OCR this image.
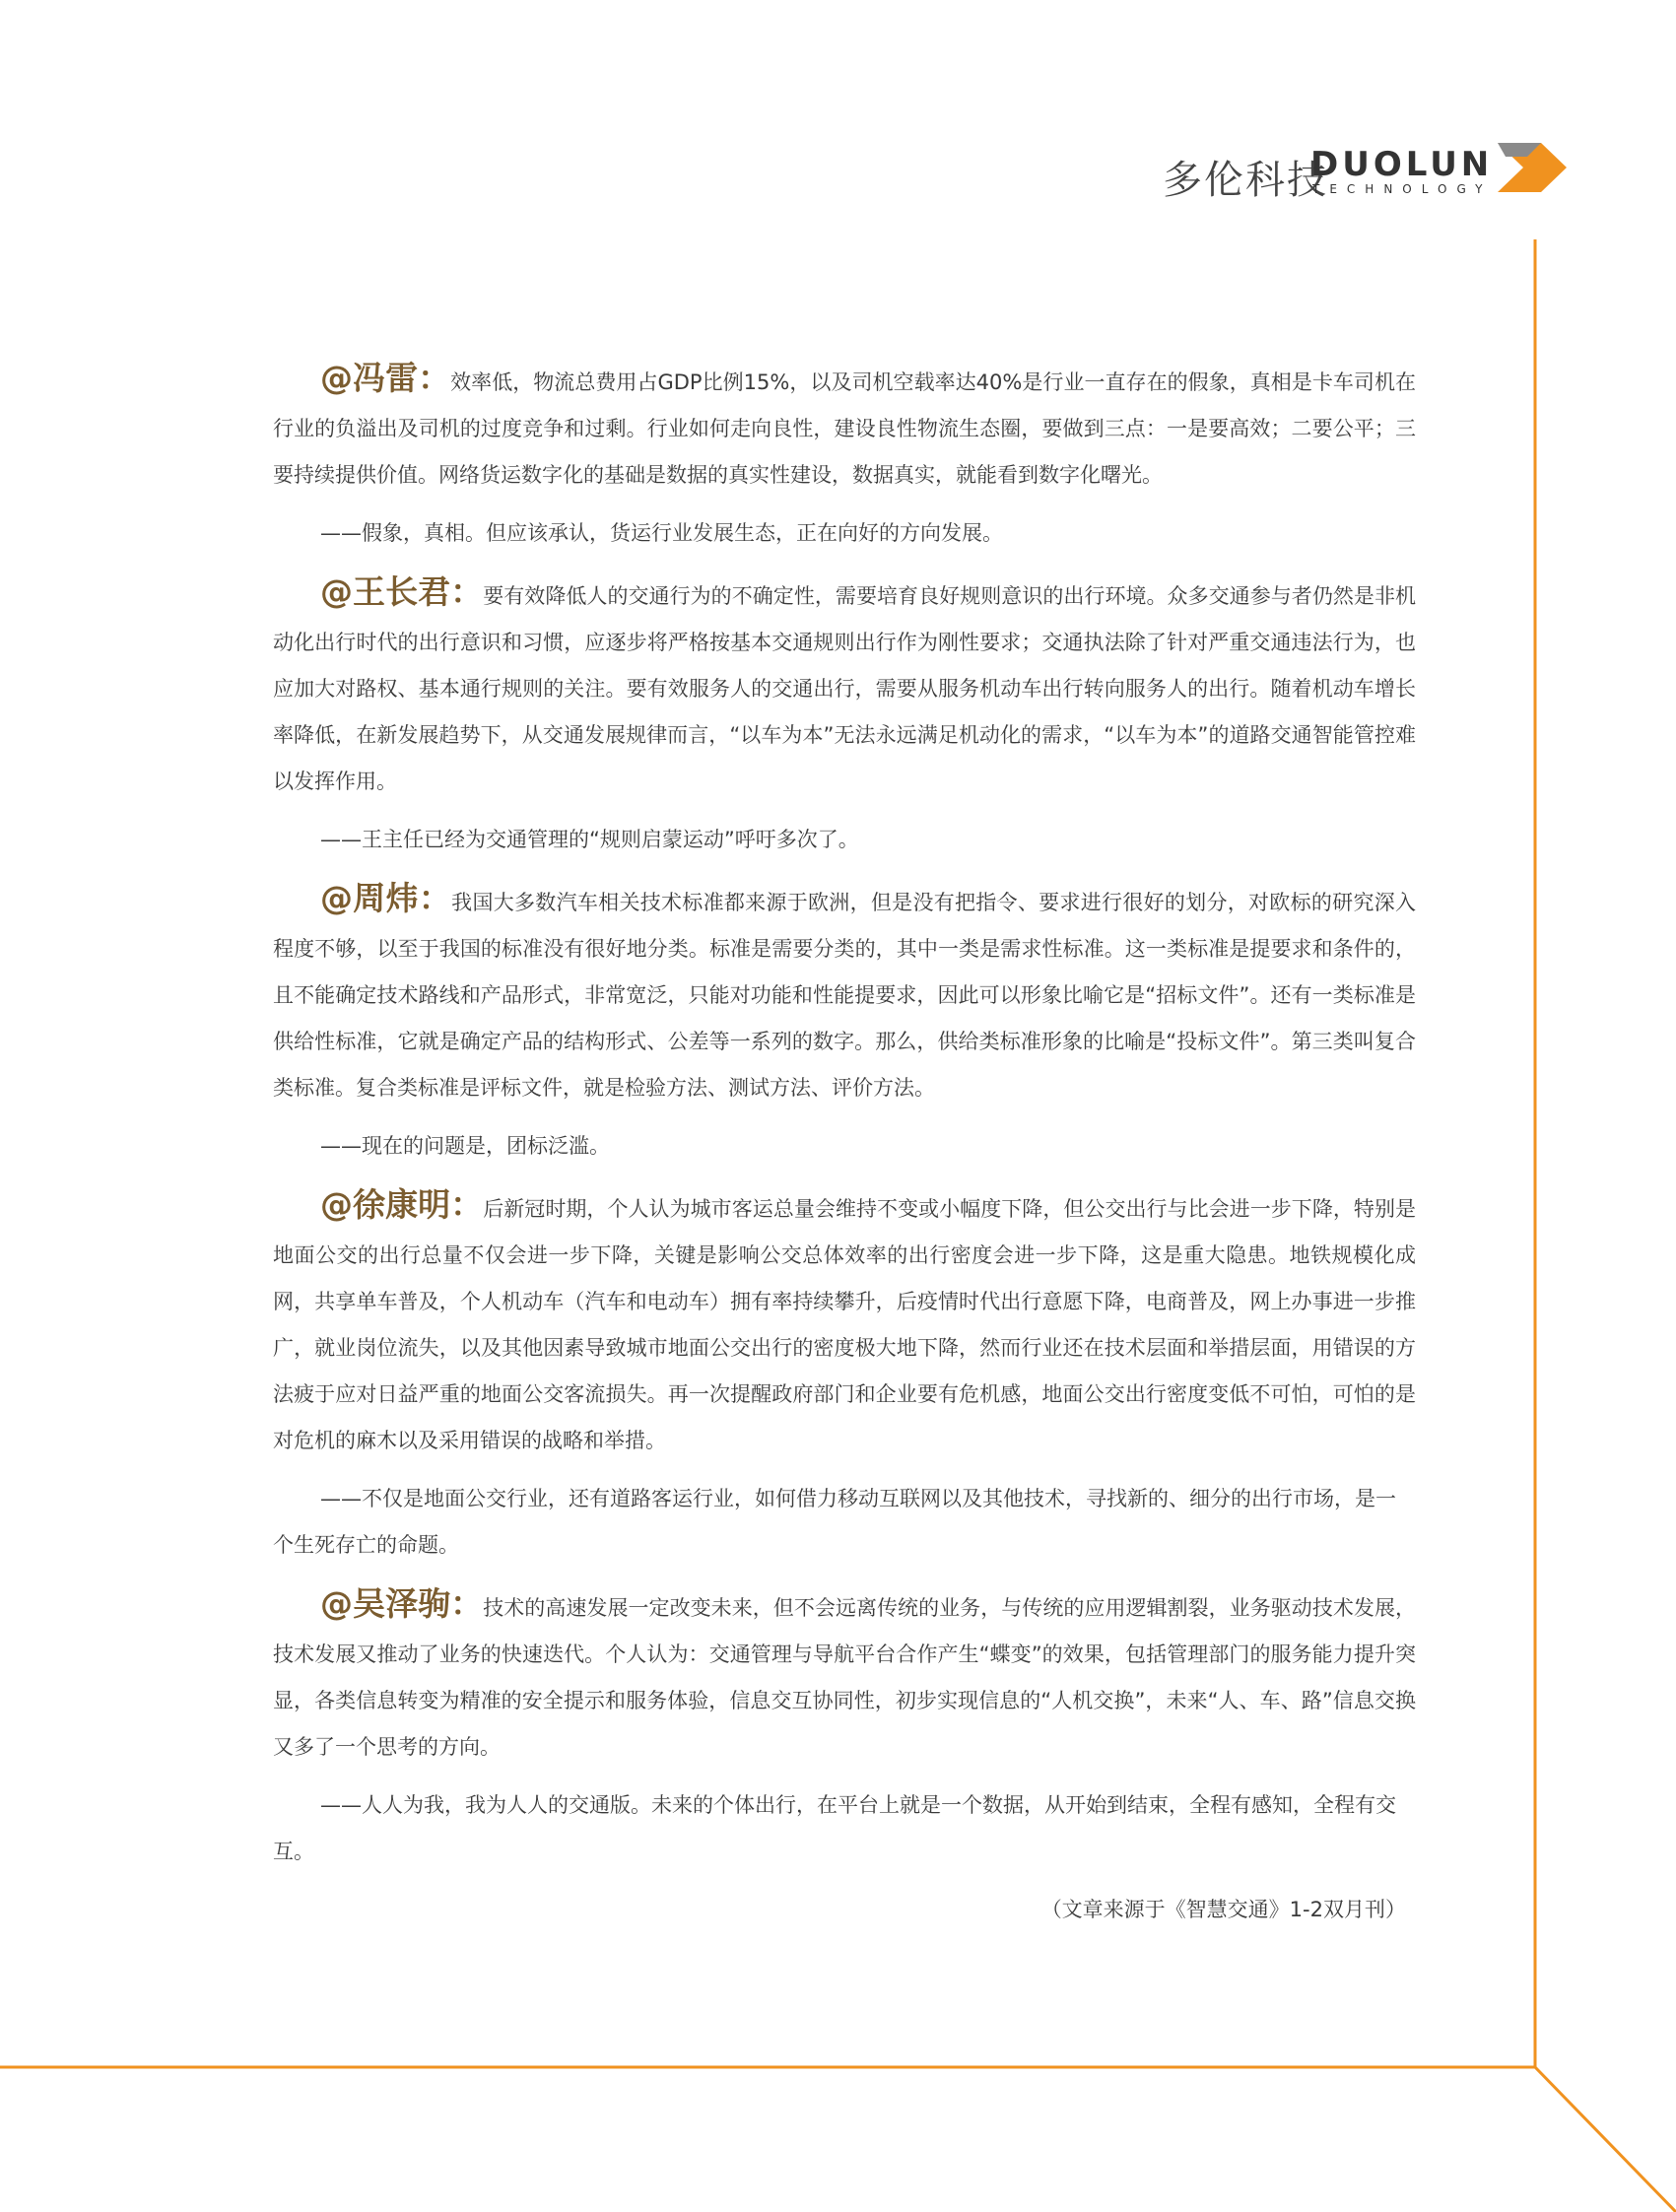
多伦科技
DUOLUN
TECHNOLOGY

@冯雷：效率低，物流总费用占GDP比例15%，以及司机空载率达40%是行业一直存在的假象，真相是卡车司机在行业的负溢出及司机的过度竞争和过剩。行业如何走向良性，建设良性物流生态圈，要做到三点：一是要高效；二要公平；三要持续提供价值。网络货运数字化的基础是数据的真实性建设，数据真实，就能看到数字化曙光。

——假象，真相。但应该承认，货运行业发展生态，正在向好的方向发展。

@王长君：要有效降低人的交通行为的不确定性，需要培育良好规则意识的出行环境。众多交通参与者仍然是非机动化出行时代的出行意识和习惯，应逐步将严格按基本交通规则出行作为刚性要求；交通执法除了针对严重交通违法行为，也应加大对路权、基本通行规则的关注。要有效服务人的交通出行，需要从服务机动车出行转向服务人的出行。随着机动车增长率降低，在新发展趋势下，从交通发展规律而言，“以车为本”无法永远满足机动化的需求，“以车为本”的道路交通智能管控难以发挥作用。

——王主任已经为交通管理的“规则启蒙运动”呼吁多次了。

@周炜：我国大多数汽车相关技术标准都来源于欧洲，但是没有把指令、要求进行很好的划分，对欧标的研究深入程度不够，以至于我国的标准没有很好地分类。标准是需要分类的，其中一类是需求性标准。这一类标准是提要求和条件的，且不能确定技术路线和产品形式，非常宽泛，只能对功能和性能提要求，因此可以形象比喻它是“招标文件”。还有一类标准是供给性标准，它就是确定产品的结构形式、公差等一系列的数字。那么，供给类标准形象的比喻是“投标文件”。第三类叫复合类标准。复合类标准是评标文件，就是检验方法、测试方法、评价方法。

——现在的问题是，团标泛滥。

@徐康明：后新冠时期，个人认为城市客运总量会维持不变或小幅度下降，但公交出行与比会进一步下降，特别是地面公交的出行总量不仅会进一步下降，关键是影响公交总体效率的出行密度会进一步下降，这是重大隐患。地铁规模化成网，共享单车普及，个人机动车（汽车和电动车）拥有率持续攀升，后疫情时代出行意愿下降，电商普及，网上办事进一步推广，就业岗位流失，以及其他因素导致城市地面公交出行的密度极大地下降，然而行业还在技术层面和举措层面，用错误的方法疲于应对日益严重的地面公交客流损失。再一次提醒政府部门和企业要有危机感，地面公交出行密度变低不可怕，可怕的是对危机的麻木以及采用错误的战略和举措。

——不仅是地面公交行业，还有道路客运行业，如何借力移动互联网以及其他技术，寻找新的、细分的出行市场，是一个生死存亡的命题。

@吴泽驹：技术的高速发展一定改变未来，但不会远离传统的业务，与传统的应用逻辑割裂，业务驱动技术发展，技术发展又推动了业务的快速迭代。个人认为：交通管理与导航平台合作产生“蝶变”的效果，包括管理部门的服务能力提升突显，各类信息转变为精准的安全提示和服务体验，信息交互协同性，初步实现信息的“人机交换”，未来“人、车、路”信息交换又多了一个思考的方向。

——人人为我，我为人人的交通版。未来的个体出行，在平台上就是一个数据，从开始到结束，全程有感知，全程有交互。

（文章来源于《智慧交通》1-2双月刊）
